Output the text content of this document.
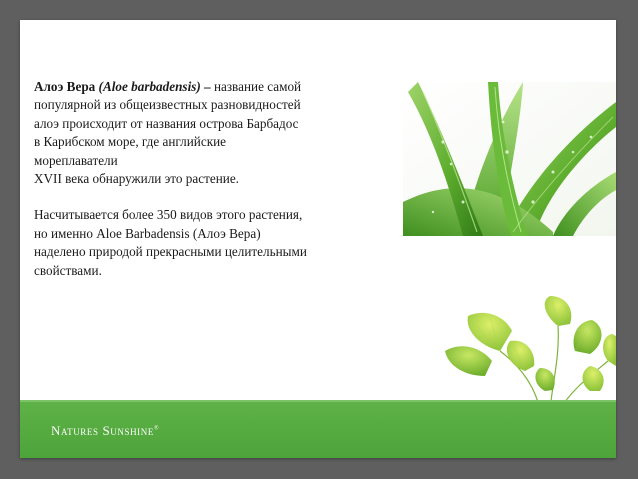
Алоэ Вера (Aloe barbadensis) – название самой

популярной из общеизвестных разновидностей

алоэ происходит от названия острова Барбадос

в Карибском море, где английские

мореплаватели

XVII века обнаружили это растение.

Насчитывается более 350 видов этого растения,

но именно Aloe Barbadensis (Алоэ Вера)

наделено природой прекрасными целительными

свойствами.

Natures Sunshine®
